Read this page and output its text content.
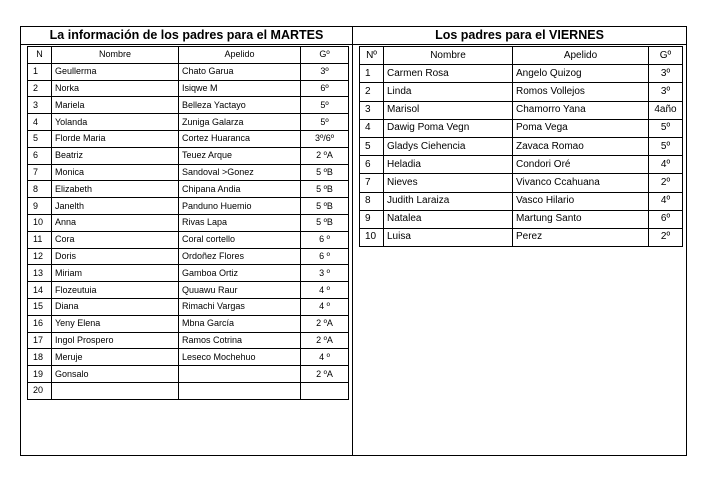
La información de los padres para el MARTES	Los padres para el VIERNES
N	Nombre	Apelido	Gº
1	Geullerma	Chato Garua	3º
2	Norka	Isiqwe M	6º
3	Mariela	Belleza Yactayo	5º
4	Yolanda	Zuniga Galarza	5º
5	Florde Maria	Cortez Huaranca	3º/6º
6	Beatriz	Teuez Arque	2 ºA
7	Monica	Sandoval >Gonez	5 ºB
8	Elizabeth	Chipana Andia	5 ºB
9	Janelth	Panduno Huemio	5 ºB
10	Anna	Rivas Lapa	5 ºB
11	Cora	Coral cortello	6 º
12	Doris	Ordoñez Flores	6 º
13	Miriam	Gamboa Ortiz	3 º
14	Flozeutuia	Quuawu Raur	4 º
15	Diana	Rimachi Vargas	4 º
16	Yeny Elena	Mbna García	2 ºA
17	Ingol Prospero	Ramos Cotrina	2 ºA
18	Meruje	Leseco Mochehuo	4 º
19	Gonsalo		2 ºA
20			
Nº	Nombre	Apelido	Gº
1	Carmen Rosa	Angelo Quizog	3º
2	Linda	Romos Vollejos	3º
3	Marisol	Chamorro Yana	4año
4	Dawig Poma Vegn	Poma Vega	5º
5	Gladys Ciehencia	Zavaca Romao	5º
6	Heladia	Condori Oré	4º
7	Nieves	Vivanco Ccahuana	2º
8	Judith Laraiza	Vasco Hilario	4º
9	Natalea	Martung Santo	6º
10	Luisa	Perez	2º
